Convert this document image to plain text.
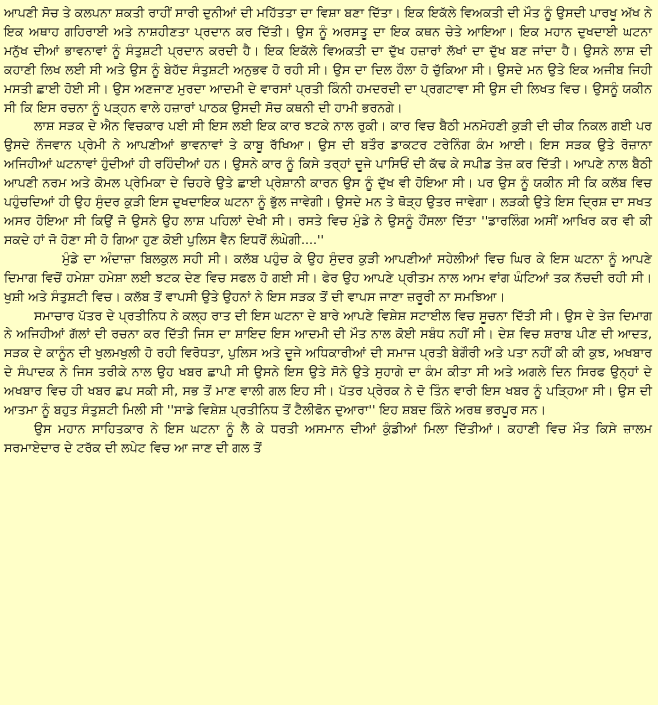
ਆਪਣੀ ਸੋਚ ਤੇ ਕਲਪਨਾ ਸ਼ਕਤੀ ਰਾਹੀਂ ਸਾਰੀ ਦੁਨੀਆਂ ਦੀ ਮਹਿੱਤਤਾ ਦਾ ਵਿਸ਼ਾ ਬਣਾ ਦਿੱਤਾ। ਇਕ ਇਕੱਲੇ ਵਿਅਕਤੀ ਦੀ ਮੌਤ ਨੂੰ ਉਸਦੀ ਪਾਰਖੂ ਅੱਖ ਨੇ ਇਕ ਅਥਾਹ ਗਹਿਰਾਈ ਅਤੇ ਨਾਸ਼ਹੀਣਤਾ ਪ੍ਰਦਾਨ ਕਰ ਦਿੱਤੀ। ਉਸ ਨੂੰ ਅਰਸਤੂ ਦਾ ਇਕ ਕਥਨ ਚੇਤੇ ਆਇਆ। ਇਕ ਮਹਾਨ ਦੁਖਦਾਈ ਘਟਨਾ ਮਨੁੱਖ ਦੀਆਂ ਭਾਵਨਾਵਾਂ ਨੂੰ ਸੰਤੁਸ਼ਟੀ ਪ੍ਰਦਾਨ ਕਰਦੀ ਹੈ। ਇਕ ਇਕੱਲੇ ਵਿਅਕਤੀ ਦਾ ਦੁੱਖ ਹਜ਼ਾਰਾਂ ਲੱਖਾਂ ਦਾ ਦੁੱਖ ਬਣ ਜਾਂਦਾ ਹੈ। ਉਸਨੇ ਲਾਸ਼ ਦੀ ਕਹਾਣੀ ਲਿਖ ਲਈ ਸੀ ਅਤੇ ਉਸ ਨੂੰ ਬੇਹੱਦ ਸੰਤੁਸ਼ਟੀ ਅਨੁਭਵ ਹੋ ਰਹੀ ਸੀ। ਉਸ ਦਾ ਦਿਲ ਹੌਲਾ ਹੋ ਚੁੱਕਿਆ ਸੀ। ਉਸਦੇ ਮਨ ਉਤੇ ਇਕ ਅਜੀਬ ਜਿਹੀ ਮਸਤੀ ਛਾਈ ਹੋਈ ਸੀ। ਉਸ ਅਣਜਾਣ ਮੁਰਦਾ ਆਦਮੀ ਦੇ ਵਾਰਸਾਂ ਪ੍ਰਤੀ ਕਿੰਨੀ ਹਮਦਰਦੀ ਦਾ ਪ੍ਰਗਟਾਵਾ ਸੀ ਉਸ ਦੀ ਲਿਖਤ ਵਿਚ। ਉਸਨੂੰ ਯਕੀਨ ਸੀ ਕਿ ਇਸ ਰਚਨਾ ਨੂੰ ਪੜ੍ਹਨ ਵਾਲੇ ਹਜ਼ਾਰਾਂ ਪਾਠਕ ਉਸਦੀ ਸੋਚ ਕਥਨੀ ਦੀ ਹਾਮੀ ਭਰਨਗੇ।

ਲਾਸ਼ ਸੜਕ ਦੇ ਐਨ ਵਿਚਕਾਰ ਪਈ ਸੀ ਇਸ ਲਈ ਇਕ ਕਾਰ ਝਟਕੇ ਨਾਲ ਰੁਕੀ। ਕਾਰ ਵਿਚ ਬੈਠੀ ਮਨਮੋਹਣੀ ਕੁੜੀ ਦੀ ਚੀਕ ਨਿਕਲ ਗਈ ਪਰ ਉਸਦੇ ਨੌਜਵਾਨ ਪ੍ਰੇਮੀ ਨੇ ਆਪਣੀਆਂ ਭਾਵਨਾਵਾਂ ਤੇ ਕਾਬੂ ਰੱਖਿਆ। ਉਸ ਦੀ ਬਤੌਰ ਡਾਕਟਰ ਟਰੇਨਿੰਗ ਕੰਮ ਆਈ। ਇਸ ਸੜਕ ਉਤੇ ਰੋਜ਼ਾਨਾ ਅਜਿਹੀਆਂ ਘਟਨਾਵਾਂ ਹੁੰਦੀਆਂ ਹੀ ਰਹਿੰਦੀਆਂ ਹਨ। ਉਸਨੇ ਕਾਰ ਨੂੰ ਕਿਸੇ ਤਰ੍ਹਾਂ ਦੂਜੇ ਪਾਸਿਓਂ ਦੀ ਕੱਢ ਕੇ ਸਪੀਡ ਤੇਜ਼ ਕਰ ਦਿੱਤੀ। ਆਪਣੇ ਨਾਲ ਬੈਠੀ ਆਪਣੀ ਨਰਮ ਅਤੇ ਕੋਮਲ ਪ੍ਰੇਮਿਕਾ ਦੇ ਚਿਹਰੇ ਉਤੇ ਛਾਈ ਪ੍ਰੇਸ਼ਾਨੀ ਕਾਰਨ ਉਸ ਨੂੰ ਦੁੱਖ ਵੀ ਹੋਇਆ ਸੀ। ਪਰ ਉਸ ਨੂੰ ਯਕੀਨ ਸੀ ਕਿ ਕਲੱਬ ਵਿਚ ਪਹੁੰਚਦਿਆਂ ਹੀ ਉਹ ਸੁੰਦਰ ਕੁੜੀ ਇਸ ਦੁਖਦਾਇਕ ਘਟਨਾ ਨੂੰ ਭੁੱਲ ਜਾਵੇਗੀ। ਉਸਦੇ ਮਨ ਤੇ ਥੋੜ੍ਹ ਉਤਰ ਜਾਵੇਗਾ। ਲੜਕੀ ਉਤੇ ਇਸ ਦ੍ਰਿਸ਼ ਦਾ ਸਖਤ ਅਸਰ ਹੋਇਆ ਸੀ ਕਿਉਂ ਜੋ ਉਸਨੇ ਉਹ ਲਾਸ਼ ਪਹਿਲਾਂ ਦੇਖੀ ਸੀ। ਰਸਤੇ ਵਿਚ ਮੁੰਡੇ ਨੇ ਉਸਨੂੰ ਹੌਂਸਲਾ ਦਿੱਤਾ ''ਡਾਰਲਿੰਗ ਅਸੀਂ ਆਖਿਰ ਕਰ ਵੀ ਕੀ ਸਕਦੇ ਹਾਂ ਜੋ ਹੋਣਾ ਸੀ ਹੋ ਗਿਆ ਹੁਣ ਕੋਈ ਪੁਲਿਸ ਵੈਨ ਇਧਰੋਂ ਲੰਘੇਗੀ....''

ਮੁੰਡੇ ਦਾ ਅੰਦਾਜ਼ਾ ਬਿਲਕੁਲ ਸਹੀ ਸੀ। ਕਲੱਬ ਪਹੁੰਚ ਕੇ ਉਹ ਸੁੰਦਰ ਕੁੜੀ ਆਪਣੀਆਂ ਸਹੇਲੀਆਂ ਵਿਚ ਘਿਰ ਕੇ ਇਸ ਘਟਨਾ ਨੂੰ ਆਪਣੇ ਦਿਮਾਗ ਵਿਚੋਂ ਹਮੇਸ਼ਾ ਹਮੇਸ਼ਾ ਲਈ ਝਟਕ ਦੇਣ ਵਿਚ ਸਫਲ ਹੋ ਗਈ ਸੀ। ਫੇਰ ਉਹ ਆਪਣੇ ਪ੍ਰੀਤਮ ਨਾਲ ਆਮ ਵਾਂਗ ਘੰਟਿਆਂ ਤਕ ਨੱਚਦੀ ਰਹੀ ਸੀ। ਖੁਸ਼ੀ ਅਤੇ ਸੰਤੁਸ਼ਟੀ ਵਿਚ। ਕਲੱਬ ਤੋਂ ਵਾਪਸੀ ਉਤੇ ਉਹਨਾਂ ਨੇ ਇਸ ਸੜਕ ਤੋਂ ਦੀ ਵਾਪਸ ਜਾਣਾ ਜ਼ਰੂਰੀ ਨਾ ਸਮਝਿਆ।

ਸਮਾਚਾਰ ਪੱਤਰ ਦੇ ਪ੍ਰਤੀਨਿਧ ਨੇ ਕਲ੍ਹ ਰਾਤ ਦੀ ਇਸ ਘਟਨਾ ਦੇ ਬਾਰੇ ਆਪਣੇ ਵਿਸ਼ੇਸ਼ ਸਟਾਈਲ ਵਿਚ ਸੂਚਨਾ ਦਿੱਤੀ ਸੀ। ਉਸ ਦੇ ਤੇਜ਼ ਦਿਮਾਗ ਨੇ ਅਜਿਹੀਆਂ ਗੱਲਾਂ ਦੀ ਰਚਨਾ ਕਰ ਦਿੱਤੀ ਜਿਸ ਦਾ ਸ਼ਾਇਦ ਇਸ ਆਦਮੀ ਦੀ ਮੌਤ ਨਾਲ ਕੋਈ ਸਬੰਧ ਨਹੀਂ ਸੀ। ਦੇਸ਼ ਵਿਚ ਸ਼ਰਾਬ ਪੀਣ ਦੀ ਆਦਤ, ਸੜਕ ਦੇ ਕਾਨੂੰਨ ਦੀ ਖੁਲਮਖੁਲੀ ਹੋ ਰਹੀ ਵਿਰੋਧਤਾ, ਪੁਲਿਸ ਅਤੇ ਦੂਜੇ ਅਧਿਕਾਰੀਆਂ ਦੀ ਸਮਾਜ ਪ੍ਰਤੀ ਬੇਗੌਰੀ ਅਤੇ ਪਤਾ ਨਹੀਂ ਕੀ ਕੀ ਕੁਝ, ਅਖਬਾਰ ਦੇ ਸੰਪਾਦਕ ਨੇ ਜਿਸ ਤਰੀਕੇ ਨਾਲ ਉਹ ਖਬਰ ਛਾਪੀ ਸੀ ਉਸਨੇ ਇਸ ਉਤੇ ਸੋਨੇ ਉਤੇ ਸੁਹਾਗੇ ਦਾ ਕੰਮ ਕੀਤਾ ਸੀ ਅਤੇ ਅਗਲੇ ਦਿਨ ਸਿਰਫ ਉਨ੍ਹਾਂ ਦੇ ਅਖਬਾਰ ਵਿਚ ਹੀ ਖਬਰ ਛਪ ਸਕੀ ਸੀ, ਸਭ ਤੋਂ ਮਾਣ ਵਾਲੀ ਗਲ ਇਹ ਸੀ। ਪੱਤਰ ਪ੍ਰੇਰਕ ਨੇ ਦੋ ਤਿੰਨ ਵਾਰੀ ਇਸ ਖਬਰ ਨੂੰ ਪੜ੍ਹਿਆ ਸੀ। ਉਸ ਦੀ ਆਤਮਾ ਨੂੰ ਬਹੁਤ ਸੰਤੁਸ਼ਟੀ ਮਿਲੀ ਸੀ ''ਸਾਡੇ ਵਿਸ਼ੇਸ਼ ਪ੍ਰਤੀਨਿਧ ਤੋਂ ਟੈਲੀਫੋਨ ਦੁਆਰਾ'' ਇਹ ਸ਼ਬਦ ਕਿੰਨੇ ਅਰਥ ਭਰਪੂਰ ਸਨ।

ਉਸ ਮਹਾਨ ਸਾਹਿਤਕਾਰ ਨੇ ਇਸ ਘਟਨਾ ਨੂੰ ਲੈ ਕੇ ਧਰਤੀ ਅਸਮਾਨ ਦੀਆਂ ਕੁੰਡੀਆਂ ਮਿਲਾ ਦਿੱਤੀਆਂ। ਕਹਾਣੀ ਵਿਚ ਮੌਤ ਕਿਸੇ ਜ਼ਾਲਮ ਸਰਮਾਏਦਾਰ ਦੇ ਟਰੱਕ ਦੀ ਲਪੇਟ ਵਿਚ ਆ ਜਾਣ ਦੀ ਗਲ ਤੋਂ
